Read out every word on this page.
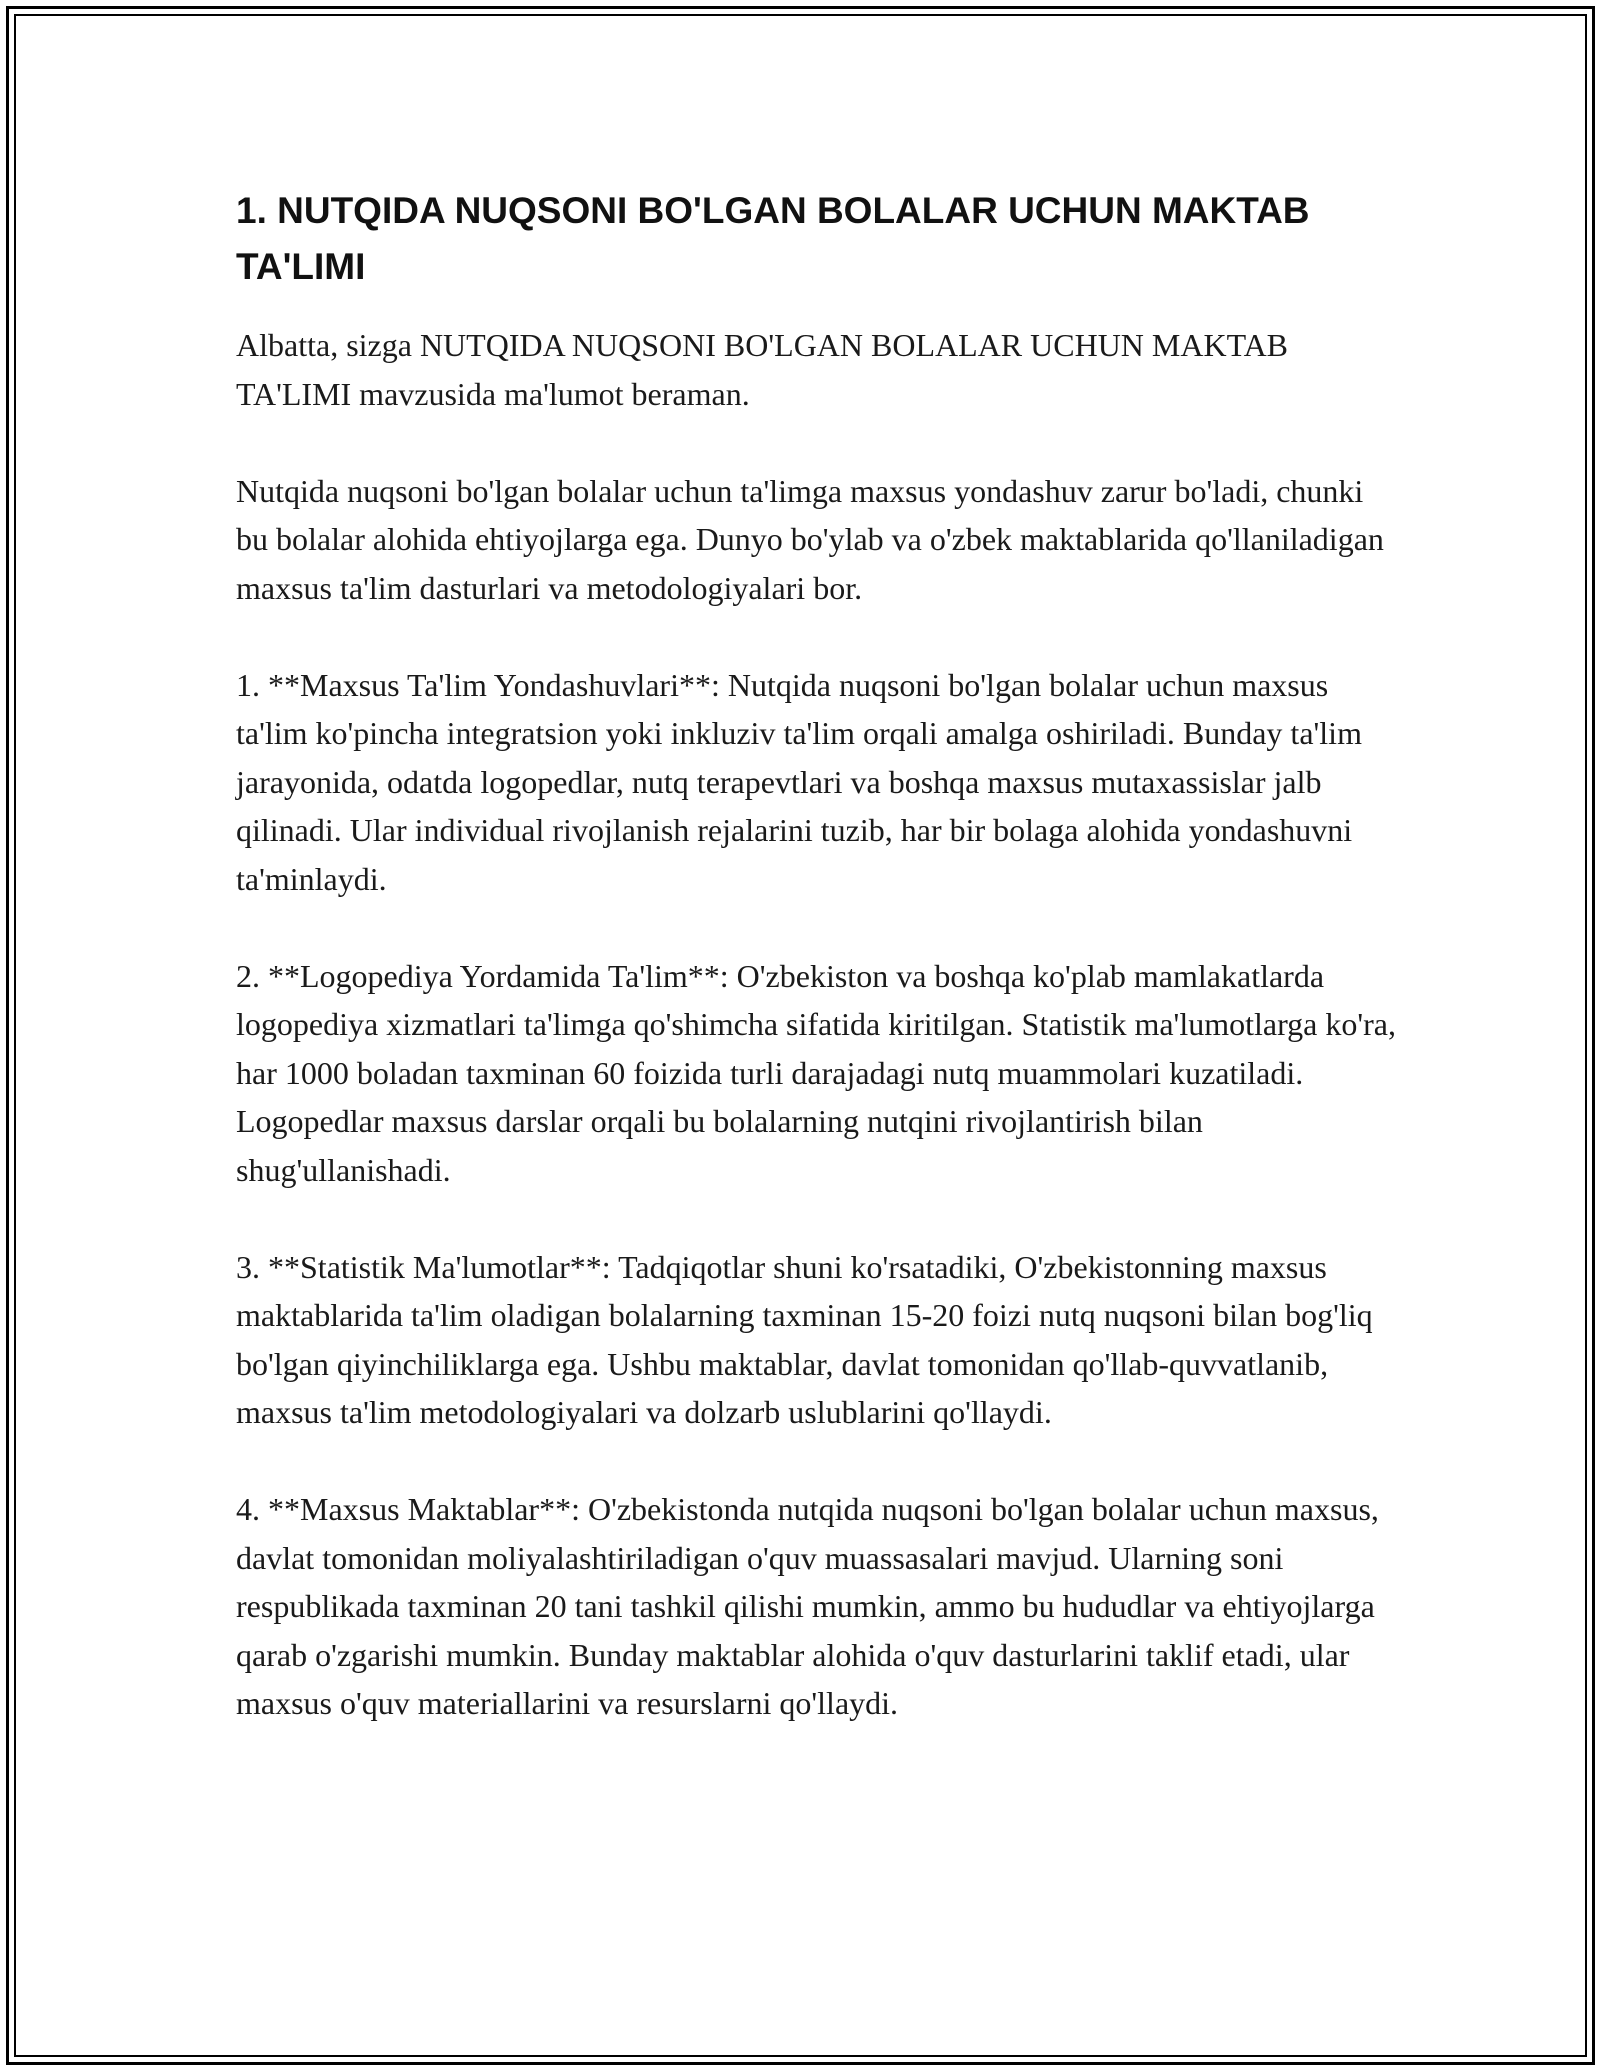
1. NUTQIDA NUQSONI BO'LGAN BOLALAR UCHUN MAKTAB TA'LIMI

Albatta, sizga NUTQIDA NUQSONI BO'LGAN BOLALAR UCHUN MAKTAB TA'LIMI mavzusida ma'lumot beraman.

Nutqida nuqsoni bo'lgan bolalar uchun ta'limga maxsus yondashuv zarur bo'ladi, chunki bu bolalar alohida ehtiyojlarga ega. Dunyo bo'ylab va o'zbek maktablarida qo'llaniladigan maxsus ta'lim dasturlari va metodologiyalari bor.

1. **Maxsus Ta'lim Yondashuvlari**: Nutqida nuqsoni bo'lgan bolalar uchun maxsus ta'lim ko'pincha integratsion yoki inkluziv ta'lim orqali amalga oshiriladi. Bunday ta'lim jarayonida, odatda logopedlar, nutq terapevtlari va boshqa maxsus mutaxassislar jalb qilinadi. Ular individual rivojlanish rejalarini tuzib, har bir bolaga alohida yondashuvni ta'minlaydi.

2. **Logopediya Yordamida Ta'lim**: O'zbekiston va boshqa ko'plab mamlakatlarda logopediya xizmatlari ta'limga qo'shimcha sifatida kiritilgan. Statistik ma'lumotlarga ko'ra, har 1000 boladan taxminan 60 foizida turli darajadagi nutq muammolari kuzatiladi. Logopedlar maxsus darslar orqali bu bolalarning nutqini rivojlantirish bilan shug'ullanishadi.

3. **Statistik Ma'lumotlar**: Tadqiqotlar shuni ko'rsatadiki, O'zbekistonning maxsus maktablarida ta'lim oladigan bolalarning taxminan 15-20 foizi nutq nuqsoni bilan bog'liq bo'lgan qiyinchiliklarga ega. Ushbu maktablar, davlat tomonidan qo'llab-quvvatlanib, maxsus ta'lim metodologiyalari va dolzarb uslublarini qo'llaydi.

4. **Maxsus Maktablar**: O'zbekistonda nutqida nuqsoni bo'lgan bolalar uchun maxsus, davlat tomonidan moliyalashtiriladigan o'quv muassasalari mavjud. Ularning soni respublikada taxminan 20 tani tashkil qilishi mumkin, ammo bu hududlar va ehtiyojlarga qarab o'zgarishi mumkin. Bunday maktablar alohida o'quv dasturlarini taklif etadi, ular maxsus o'quv materiallarini va resurslarni qo'llaydi.
